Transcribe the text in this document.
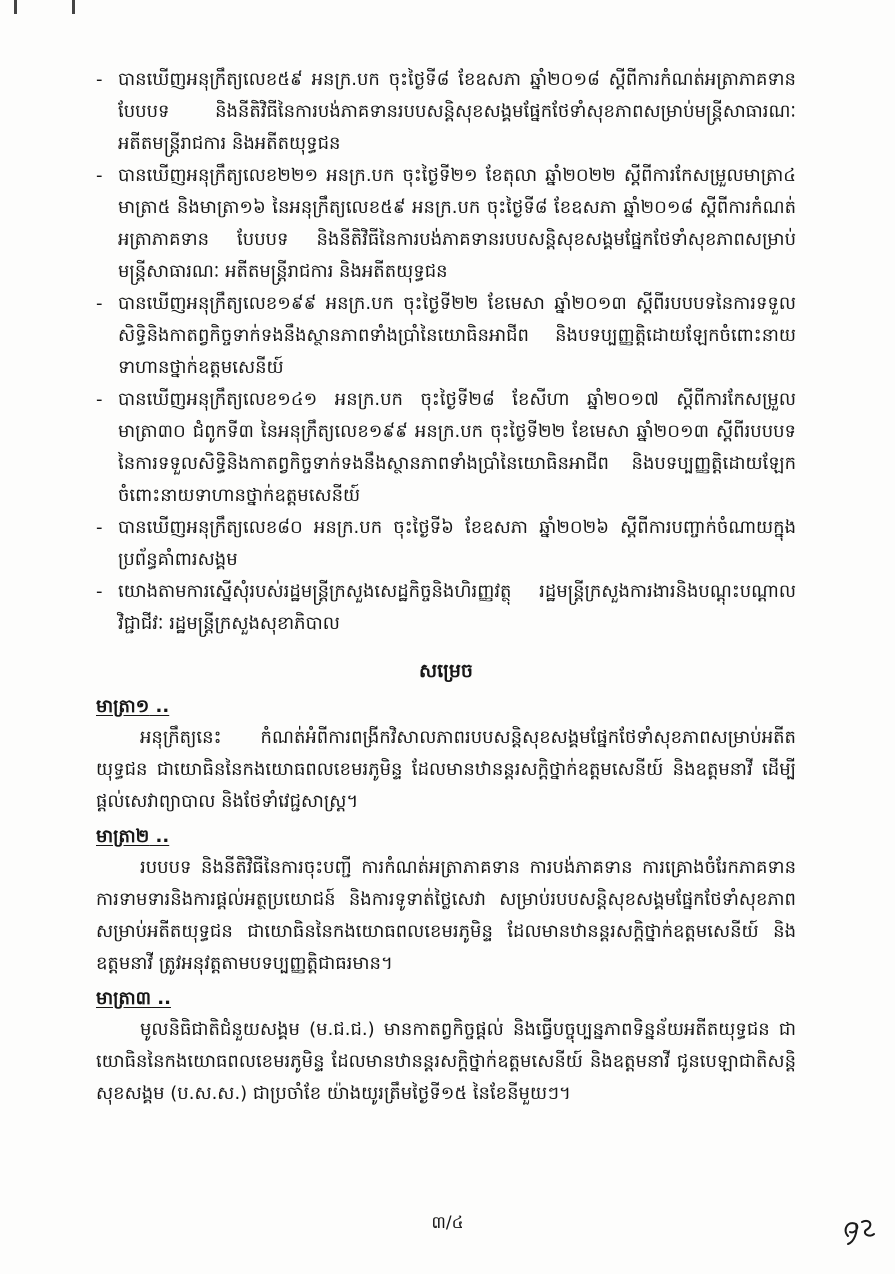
- បានឃើញអនុក្រឹត្យលេខ៥៩ អនក្រ.បក ចុះថ្ងៃទី៨ ខែឧសភា ឆ្នាំ២០១៨ ស្តីពីការកំណត់អត្រាភាគទាន បែបបទ និងនីតិវិធីនៃការបង់ភាគទានរបបសន្តិសុខសង្គមផ្នែកថែទាំសុខភាពសម្រាប់មន្ត្រីសាធារណៈ អតីតមន្ត្រីរាជការ និងអតីតយុទ្ធជន
- បានឃើញអនុក្រឹត្យលេខ២២១ អនក្រ.បក ចុះថ្ងៃទី២១ ខែតុលា ឆ្នាំ២០២២ ស្តីពីការកែសម្រួលមាត្រា៤ មាត្រា៥ និងមាត្រា១៦ នៃអនុក្រឹត្យលេខ៥៩ អនក្រ.បក ចុះថ្ងៃទី៨ ខែឧសភា ឆ្នាំ២០១៨ ស្តីពីការកំណត់អត្រាភាគទាន បែបបទ និងនីតិវិធីនៃការបង់ភាគទានរបបសន្តិសុខសង្គមផ្នែកថែទាំសុខភាពសម្រាប់មន្ត្រីសាធារណៈ អតីតមន្ត្រីរាជការ និងអតីតយុទ្ធជន
- បានឃើញអនុក្រឹត្យលេខ១៩៩ អនក្រ.បក ចុះថ្ងៃទី២២ ខែមេសា ឆ្នាំ២០១៣ ស្តីពីរបបបទនៃការទទួលសិទ្ធិនិងកាតព្វកិច្ចទាក់ទងនឹងស្ថានភាពទាំងប្រាំនៃយោធិនអាជីព និងបទប្បញ្ញត្តិដោយឡែកចំពោះនាយទាហានថ្នាក់ឧត្តមសេនីយ៍
- បានឃើញអនុក្រឹត្យលេខ១៤១ អនក្រ.បក ចុះថ្ងៃទី២៨ ខែសីហា ឆ្នាំ២០១៧ ស្តីពីការកែសម្រួលមាត្រា៣០ ជំពូកទី៣ នៃអនុក្រឹត្យលេខ១៩៩ អនក្រ.បក ចុះថ្ងៃទី២២ ខែមេសា ឆ្នាំ២០១៣ ស្តីពីរបបបទនៃការទទួលសិទ្ធិនិងកាតព្វកិច្ចទាក់ទងនឹងស្ថានភាពទាំងប្រាំនៃយោធិនអាជីព និងបទប្បញ្ញត្តិដោយឡែកចំពោះនាយទាហានថ្នាក់ឧត្តមសេនីយ៍
- បានឃើញអនុក្រឹត្យលេខ៨០ អនក្រ.បក ចុះថ្ងៃទី៦ ខែឧសភា ឆ្នាំ២០២៦ ស្តីពីការបញ្ចាក់ចំណាយក្នុងប្រព័ន្ធគាំពារសង្គម
- យោងតាមការស្នើសុំរបស់រដ្ឋមន្ត្រីក្រសួងសេដ្ឋកិច្ចនិងហិរញ្ញវត្ថុ រដ្ឋមន្ត្រីក្រសួងការងារនិងបណ្តុះបណ្តាលវិជ្ជាជីវៈ រដ្ឋមន្ត្រីក្រសួងសុខាភិបាល
សម្រេច
មាត្រា១ ..
អនុក្រឹត្យនេះ កំណត់អំពីការពង្រីកវិសាលភាពរបបសន្តិសុខសង្គមផ្នែកថែទាំសុខភាពសម្រាប់អតីតយុទ្ធជន ជាយោធិននៃកងយោធពលខេមរភូមិន្ទ ដែលមានឋានន្តរសក្តិថ្នាក់ឧត្តមសេនីយ៍ និងឧត្តមនាវី ដើម្បីផ្តល់សេវាព្យាបាល និងថែទាំវេជ្ជសាស្ត្រ។
មាត្រា២ ..
របបបទ និងនីតិវិធីនៃការចុះបញ្ជី ការកំណត់អត្រាភាគទាន ការបង់ភាគទាន ការគ្រោងចំរែកភាគទាន ការទាមទារនិងការផ្តល់អត្ថប្រយោជន៍ និងការទូទាត់ថ្លៃសេវា សម្រាប់របបសន្តិសុខសង្គមផ្នែកថែទាំសុខភាពសម្រាប់អតីតយុទ្ធជន ជាយោធិននៃកងយោធពលខេមរភូមិន្ទ ដែលមានឋានន្តរសក្តិថ្នាក់ឧត្តមសេនីយ៍ និងឧត្តមនាវី ត្រូវអនុវត្តតាមបទប្បញ្ញត្តិជាធរមាន។
មាត្រា៣ ..
មូលនិធិជាតិជំនួយសង្គម (ម.ជ.ជ.) មានកាតព្វកិច្ចផ្តល់ និងធ្វើបច្ចុប្បន្នភាពទិន្នន័យអតីតយុទ្ធជន ជាយោធិននៃកងយោធពលខេមរភូមិន្ទ ដែលមានឋានន្តរសក្តិថ្នាក់ឧត្តមសេនីយ៍ និងឧត្តមនាវី ជូនបេឡាជាតិសន្តិសុខសង្គម (ប.ស.ស.) ជាប្រចាំខែ យ៉ាងយូរត្រឹមថ្ងៃទី១៥ នៃខែនីមួយៗ។
៣/៤
